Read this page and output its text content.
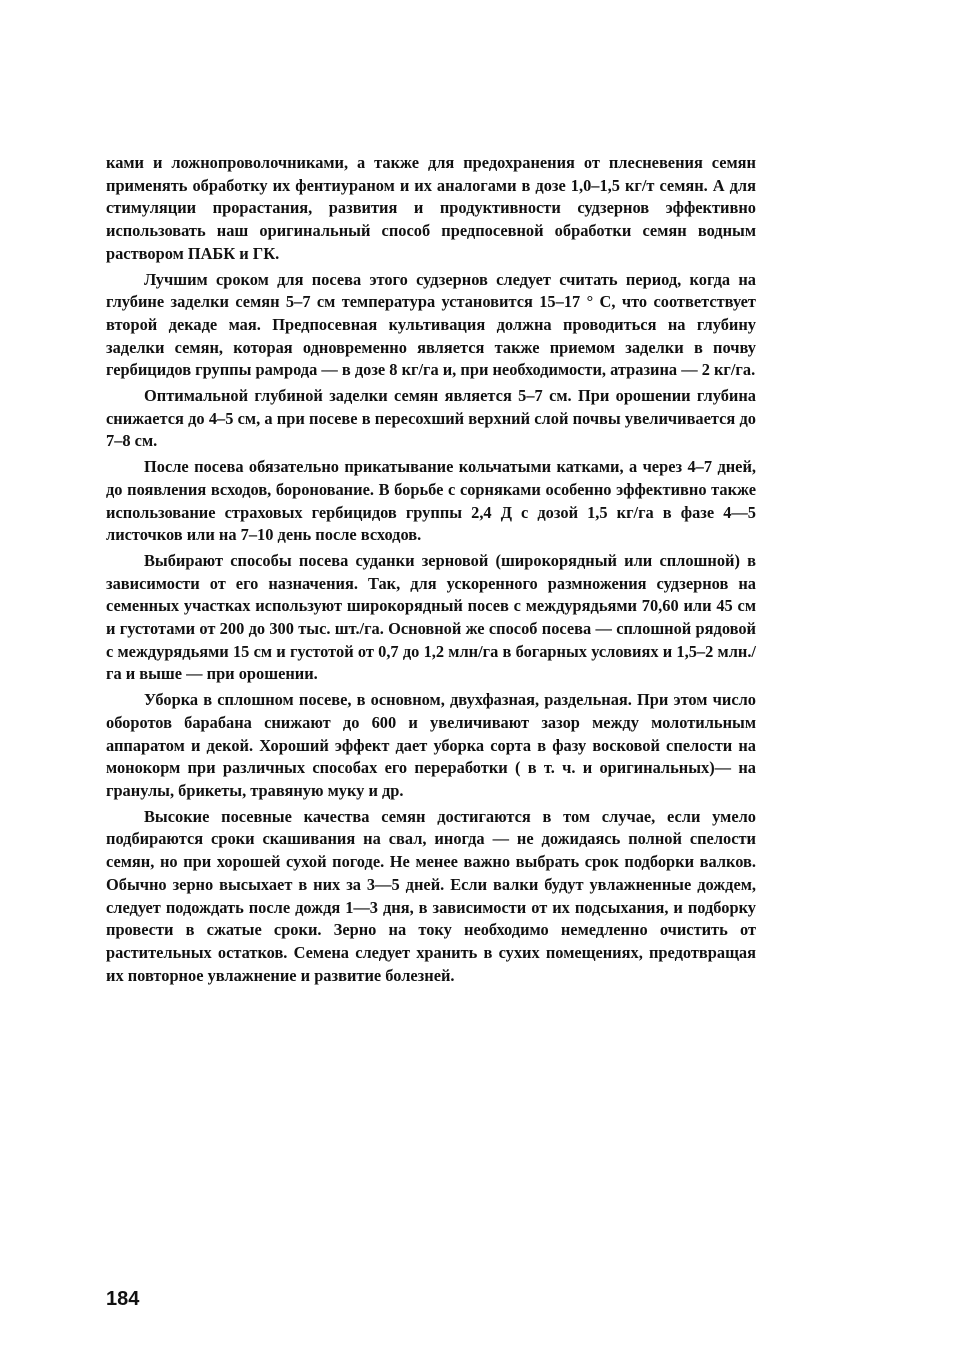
ками и ложнопроволочниками, а также для предохранения от плесневения семян применять обработку их фентиураном и их аналогами в дозе 1,0–1,5 кг/т семян. А для стимуляции прорастания, развития и продуктивности судзернов эффективно использовать наш оригинальный способ предпосевной обработки семян водным раствором ПАБК и ГК.

Лучшим сроком для посева этого судзернов следует считать период, когда на глубине заделки семян 5–7 см температура установится 15–17 ° С, что соответствует второй декаде мая. Предпосевная культивация должна проводиться на глубину заделки семян, которая одновременно является также приемом заделки в почву гербицидов группы рамрода — в дозе 8 кг/га и, при необходимости, атразина — 2 кг/га.

Оптимальной глубиной заделки семян является 5–7 см. При орошении глубина снижается до 4–5 см, а при посеве в пересохший верхний слой почвы увеличивается до 7–8 см.

После посева обязательно прикатывание кольчатыми катками, а через 4–7 дней, до появления всходов, боронование. В борьбе с сорняками особенно эффективно также использование страховых гербицидов группы 2,4 Д с дозой 1,5 кг/га в фазе 4—5 листочков или на 7–10 день после всходов.

Выбирают способы посева суданки зерновой (широкорядный или сплошной) в зависимости от его назначения. Так, для ускоренного размножения судзернов на семенных участках используют широкорядный посев с междурядьями 70,60 или 45 см и густотами от 200 до 300 тыс. шт./га. Основной же способ посева — сплошной рядовой с междурядьями 15 см и густотой от 0,7 до 1,2 млн/га в богарных условиях и 1,5–2 млн./га и выше — при орошении.

Уборка в сплошном посеве, в основном, двухфазная, раздельная. При этом число оборотов барабана снижают до 600 и увеличивают зазор между молотильным аппаратом и декой. Хороший эффект дает уборка сорта в фазу восковой спелости на монокорм при различных способах его переработки ( в т. ч. и оригинальных)— на гранулы, брикеты, травяную муку и др.

Высокие посевные качества семян достигаются в том случае, если умело подбираются сроки скашивания на свал, иногда — не дожидаясь полной спелости семян, но при хорошей сухой погоде. Не менее важно выбрать срок подборки валков. Обычно зерно высыхает в них за 3—5 дней. Если валки будут увлажненные дождем, следует подождать после дождя 1—3 дня, в зависимости от их подсыхания, и подборку провести в сжатые сроки. Зерно на току необходимо немедленно очистить от растительных остатков. Семена следует хранить в сухих помещениях, предотвращая их повторное увлажнение и развитие болезней.

184
